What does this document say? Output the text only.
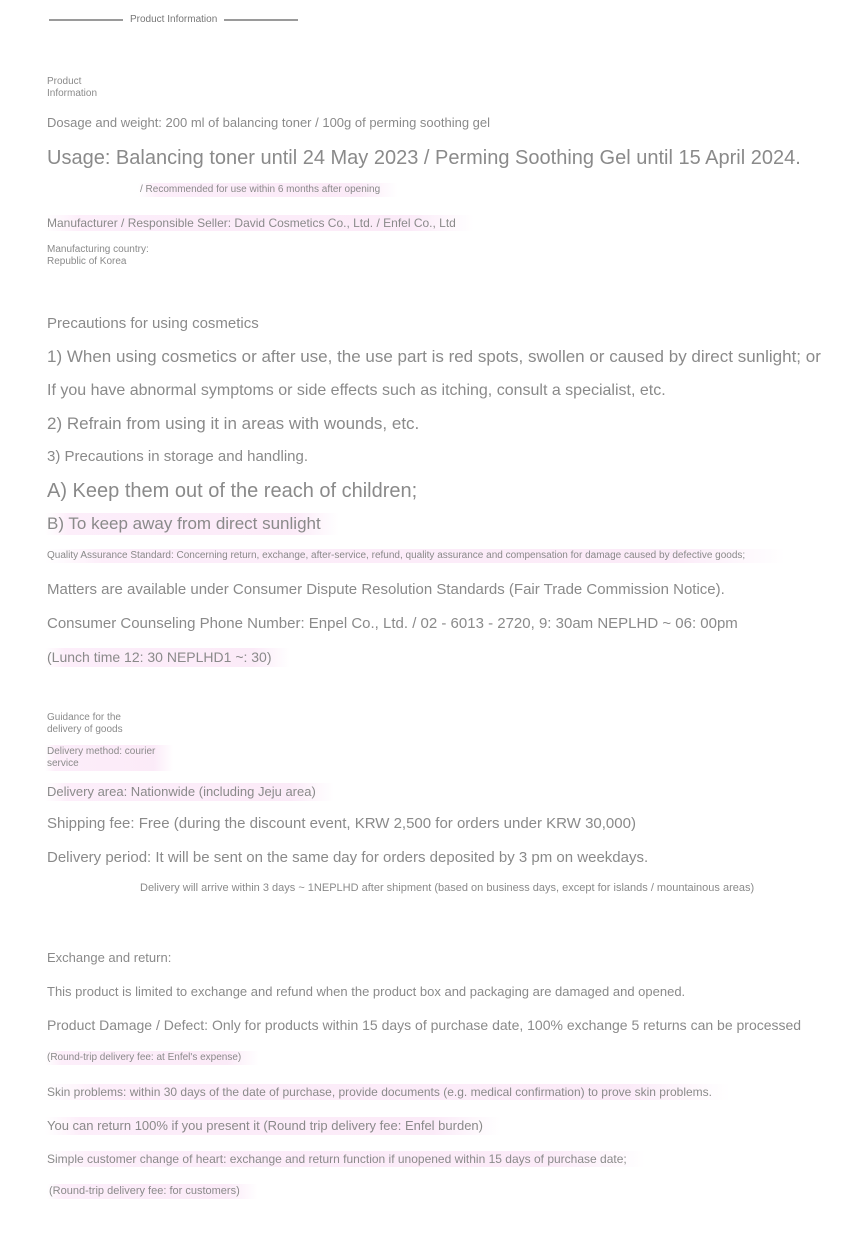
Product Information
Product
Information
Dosage and weight: 200 ml of balancing toner / 100g of perming soothing gel
Usage: Balancing toner until 24 May 2023 / Perming Soothing Gel until 15 April 2024.
/ Recommended for use within 6 months after opening
Manufacturer / Responsible Seller: David Cosmetics Co., Ltd. / Enfel Co., Ltd
Manufacturing country:
Republic of Korea
Precautions for using cosmetics
1) When using cosmetics or after use, the use part is red spots, swollen or caused by direct sunlight; or
If you have abnormal symptoms or side effects such as itching, consult a specialist, etc.
2) Refrain from using it in areas with wounds, etc.
3) Precautions in storage and handling.
A) Keep them out of the reach of children;
B) To keep away from direct sunlight
Quality Assurance Standard: Concerning return, exchange, after-service, refund, quality assurance and compensation for damage caused by defective goods;
Matters are available under Consumer Dispute Resolution Standards (Fair Trade Commission Notice).
Consumer Counseling Phone Number: Enpel Co., Ltd. / 02 - 6013 - 2720, 9: 30am NEPLHD ~ 06: 00pm
(Lunch time 12: 30 NEPLHD1 ~: 30)
Guidance for the
delivery of goods
Delivery method: courier
service
Delivery area: Nationwide (including Jeju area)
Shipping fee: Free (during the discount event, KRW 2,500 for orders under KRW 30,000)
Delivery period: It will be sent on the same day for orders deposited by 3 pm on weekdays.
Delivery will arrive within 3 days ~ 1NEPLHD after shipment (based on business days, except for islands / mountainous areas)
Exchange and return:
This product is limited to exchange and refund when the product box and packaging are damaged and opened.
Product Damage / Defect: Only for products within 15 days of purchase date, 100% exchange 5 returns can be processed
(Round-trip delivery fee: at Enfel's expense)
Skin problems: within 30 days of the date of purchase, provide documents (e.g. medical confirmation) to prove skin problems.
You can return 100% if you present it (Round trip delivery fee: Enfel burden)
Simple customer change of heart: exchange and return function if unopened within 15 days of purchase date;
(Round-trip delivery fee: for customers)
